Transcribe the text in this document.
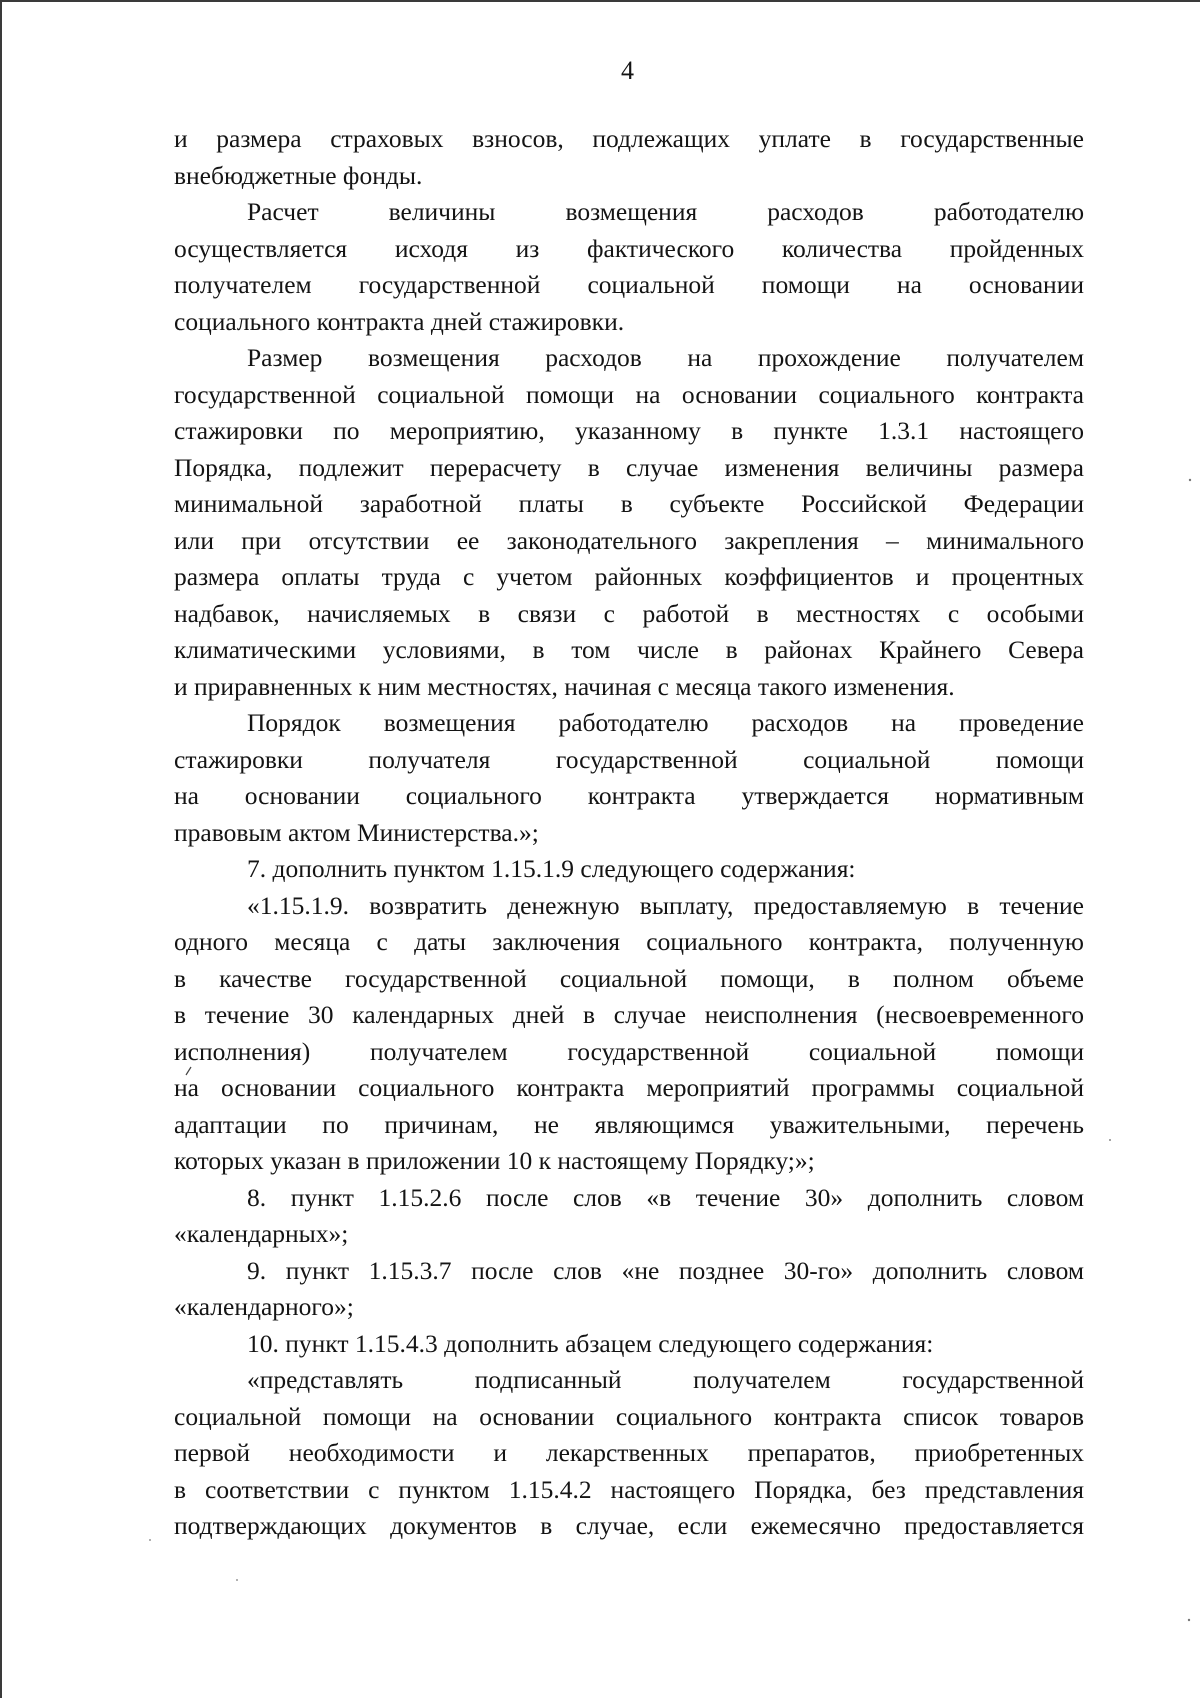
4
и размера страховых взносов, подлежащих уплате в государственные
внебюджетные фонды.
Расчет величины возмещения расходов работодателю
осуществляется исходя из фактического количества пройденных
получателем государственной социальной помощи на основании
социального контракта дней стажировки.
Размер возмещения расходов на прохождение получателем
государственной социальной помощи на основании социального контракта
стажировки по мероприятию, указанному в пункте 1.3.1 настоящего
Порядка, подлежит перерасчету в случае изменения величины размера
минимальной заработной платы в субъекте Российской Федерации
или при отсутствии ее законодательного закрепления – минимального
размера оплаты труда с учетом районных коэффициентов и процентных
надбавок, начисляемых в связи с работой в местностях с особыми
климатическими условиями, в том числе в районах Крайнего Севера
и приравненных к ним местностях, начиная с месяца такого изменения.
Порядок возмещения работодателю расходов на проведение
стажировки получателя государственной социальной помощи
на основании социального контракта утверждается нормативным
правовым актом Министерства.»;
7. дополнить пунктом 1.15.1.9 следующего содержания:
«1.15.1.9. возвратить денежную выплату, предоставляемую в течение
одного месяца с даты заключения социального контракта, полученную
в качестве государственной социальной помощи, в полном объеме
в течение 30 календарных дней в случае неисполнения (несвоевременного
исполнения) получателем государственной социальной помощи
на основании социального контракта мероприятий программы социальной
адаптации по причинам, не являющимся уважительными, перечень
которых указан в приложении 10 к настоящему Порядку;»;
8. пункт 1.15.2.6 после слов «в течение 30» дополнить словом
«календарных»;
9. пункт 1.15.3.7 после слов «не позднее 30-го» дополнить словом
«календарного»;
10. пункт 1.15.4.3 дополнить абзацем следующего содержания:
«представлять подписанный получателем государственной
социальной помощи на основании социального контракта список товаров
первой необходимости и лекарственных препаратов, приобретенных
в соответствии с пунктом 1.15.4.2 настоящего Порядка, без представления
подтверждающих документов в случае, если ежемесячно предоставляется
